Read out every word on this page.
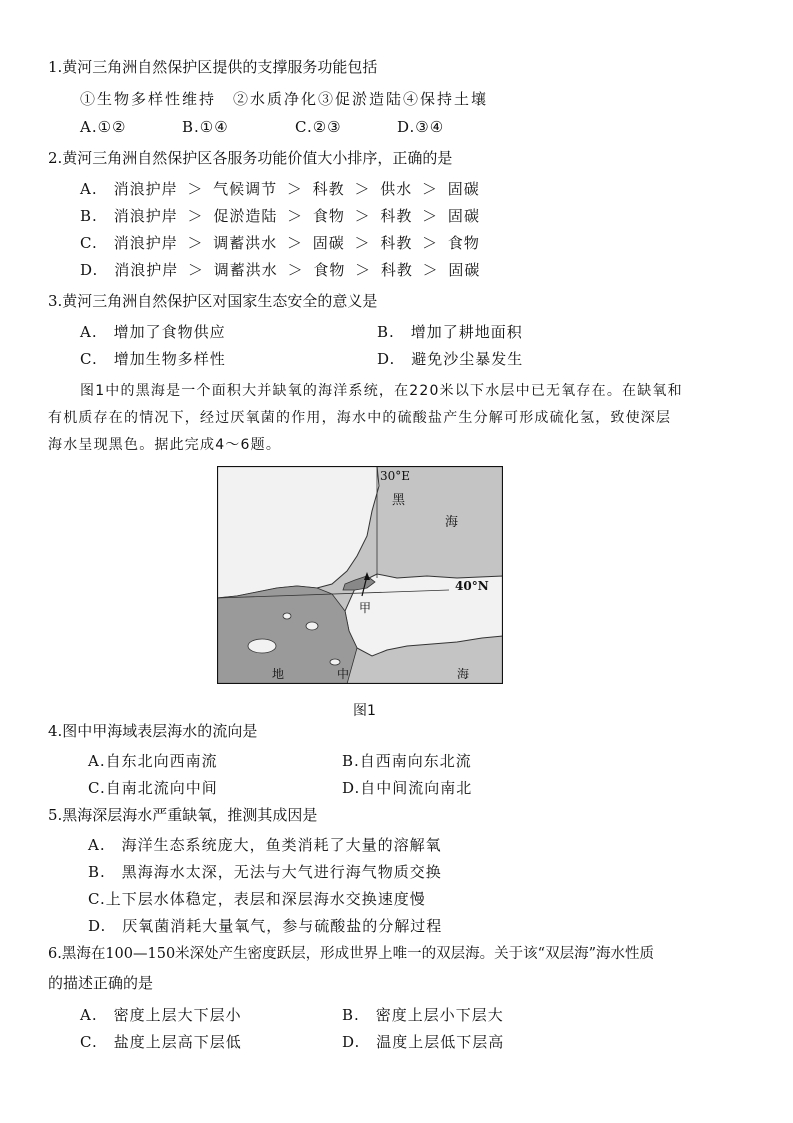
1.黄河三角洲自然保护区提供的支撑服务功能包括
①生物多样性维持　②水质净化③促淤造陆④保持土壤
A.①②	B.①④	C.②③	D.③④
2.黄河三角洲自然保护区各服务功能价值大小排序，正确的是
A.　消浪护岸 ＞ 气候调节 ＞ 科教 ＞ 供水 ＞ 固碳
B.　消浪护岸 ＞ 促淤造陆 ＞ 食物 ＞ 科教 ＞ 固碳
C.　消浪护岸 ＞ 调蓄洪水 ＞ 固碳 ＞ 科教 ＞ 食物
D.　消浪护岸 ＞ 调蓄洪水 ＞ 食物 ＞ 科教 ＞ 固碳
3.黄河三角洲自然保护区对国家生态安全的意义是
A.　增加了食物供应	B.　增加了耕地面积
C.　增加生物多样性	D.　避免沙尘暴发生
图1中的黑海是一个面积大并缺氧的海洋系统，在220米以下水层中已无氧存在。在缺氧和
有机质存在的情况下，经过厌氧菌的作用，海水中的硫酸盐产生分解可形成硫化氢，致使深层
海水呈现黑色。据此完成4～6题。
30°E
黑
海
40°N
甲
地	中	海
图1
4.图中甲海域表层海水的流向是
A.自东北向西南流	B.自西南向东北流
C.自南北流向中间	D.自中间流向南北
5.黑海深层海水严重缺氧，推测其成因是
A.　海洋生态系统庞大，鱼类消耗了大量的溶解氧
B.　黑海海水太深，无法与大气进行海气物质交换
C.上下层水体稳定，表层和深层海水交换速度慢
D.　厌氧菌消耗大量氧气，参与硫酸盐的分解过程
6.黑海在100—150米深处产生密度跃层，形成世界上唯一的双层海。关于该“双层海”海水性质
的描述正确的是
A.　密度上层大下层小	B.　密度上层小下层大
C.　盐度上层高下层低	D.　温度上层低下层高
